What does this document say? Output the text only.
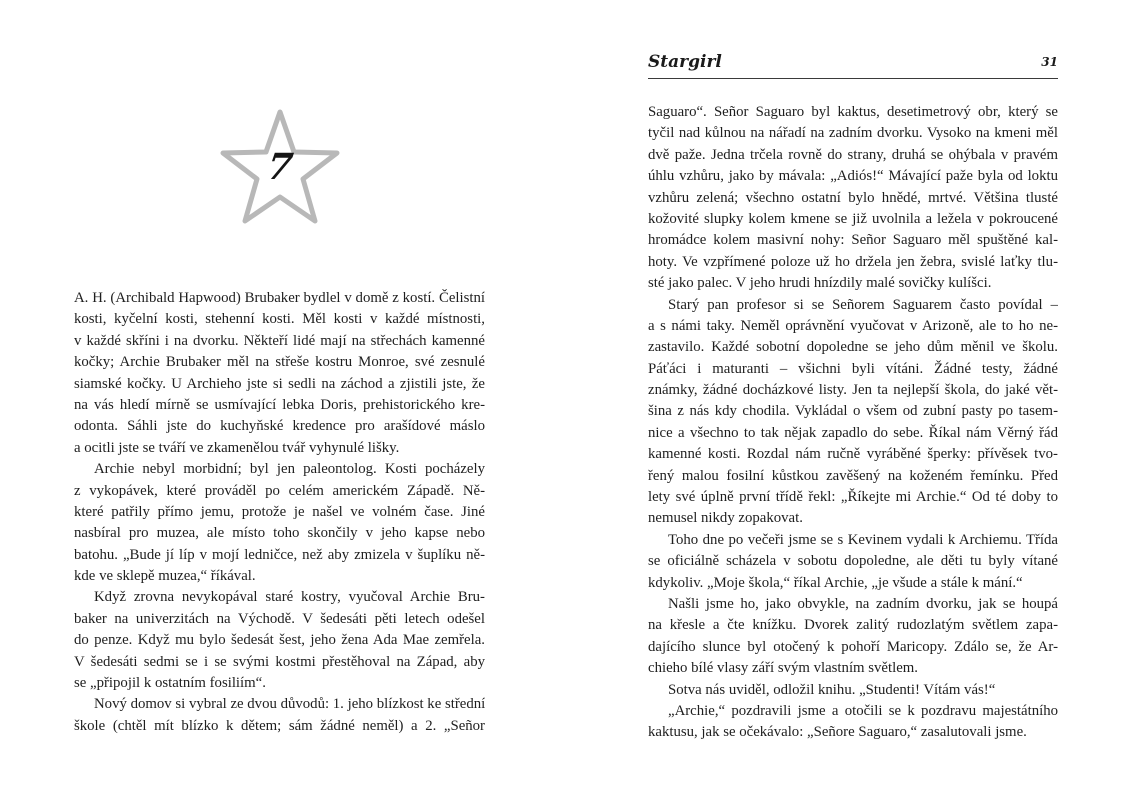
7
A. H. (Archibald Hapwood) Brubaker bydlel v domě z kostí. Čelistní
kosti, kyčelní kosti, stehenní kosti. Měl kosti v každé místnosti,
v každé skříni i na dvorku. Někteří lidé mají na střechách kamenné
kočky; Archie Brubaker měl na střeše kostru Monroe, své zesnulé
siamské kočky. U Archieho jste si sedli na záchod a zjistili jste, že
na vás hledí mírně se usmívající lebka Doris, prehistorického kre-
odonta. Sáhli jste do kuchyňské kredence pro arašídové máslo
a ocitli jste se tváří ve zkamenělou tvář vyhynulé lišky.
Archie nebyl morbidní; byl jen paleontolog. Kosti pocházely
z vykopávek, které prováděl po celém americkém Západě. Ně-
které patřily přímo jemu, protože je našel ve volném čase. Jiné
nasbíral pro muzea, ale místo toho skončily v jeho kapse nebo
batohu. „Bude jí líp v mojí ledničce, než aby zmizela v šuplíku ně-
kde ve sklepě muzea,“ říkával.
Když zrovna nevykopával staré kostry, vyučoval Archie Bru-
baker na univerzitách na Východě. V šedesáti pěti letech odešel
do penze. Když mu bylo šedesát šest, jeho žena Ada Mae zemřela.
V šedesáti sedmi se i se svými kostmi přestěhoval na Západ, aby
se „připojil k ostatním fosiliím“.
Nový domov si vybral ze dvou důvodů: 1. jeho blízkost ke střední
škole (chtěl mít blízko k dětem; sám žádné neměl) a 2. „Señor
Stargirl	31
Saguaro“. Señor Saguaro byl kaktus, desetimetrový obr, který se
tyčil nad kůlnou na nářadí na zadním dvorku. Vysoko na kmeni měl
dvě paže. Jedna trčela rovně do strany, druhá se ohýbala v pravém
úhlu vzhůru, jako by mávala: „Adiós!“ Mávající paže byla od loktu
vzhůru zelená; všechno ostatní bylo hnědé, mrtvé. Většina tlusté
kožovité slupky kolem kmene se již uvolnila a ležela v pokroucené
hromádce kolem masivní nohy: Señor Saguaro měl spuštěné kal-
hoty. Ve vzpřímené poloze už ho držela jen žebra, svislé laťky tlu-
sté jako palec. V jeho hrudi hnízdily malé sovičky kulíšci.
Starý pan profesor si se Señorem Saguarem často povídal –
a s námi taky. Neměl oprávnění vyučovat v Arizoně, ale to ho ne-
zastavilo. Každé sobotní dopoledne se jeho dům měnil ve školu.
Páťáci i maturanti – všichni byli vítáni. Žádné testy, žádné
známky, žádné docházkové listy. Jen ta nejlepší škola, do jaké vět-
šina z nás kdy chodila. Vykládal o všem od zubní pasty po tasem-
nice a všechno to tak nějak zapadlo do sebe. Říkal nám Věrný řád
kamenné kosti. Rozdal nám ručně vyráběné šperky: přívěsek tvo-
řený malou fosilní kůstkou zavěšený na koženém řemínku. Před
lety své úplně první třídě řekl: „Říkejte mi Archie.“ Od té doby to
nemusel nikdy zopakovat.
Toho dne po večeři jsme se s Kevinem vydali k Archiemu. Třída
se oficiálně scházela v sobotu dopoledne, ale děti tu byly vítané
kdykoliv. „Moje škola,“ říkal Archie, „je všude a stále k mání.“
Našli jsme ho, jako obvykle, na zadním dvorku, jak se houpá
na křesle a čte knížku. Dvorek zalitý rudozlatým světlem zapa-
dajícího slunce byl otočený k pohoří Maricopy. Zdálo se, že Ar-
chieho bílé vlasy září svým vlastním světlem.
Sotva nás uviděl, odložil knihu. „Studenti! Vítám vás!“
„Archie,“ pozdravili jsme a otočili se k pozdravu majestátního
kaktusu, jak se očekávalo: „Señore Saguaro,“ zasalutovali jsme.
